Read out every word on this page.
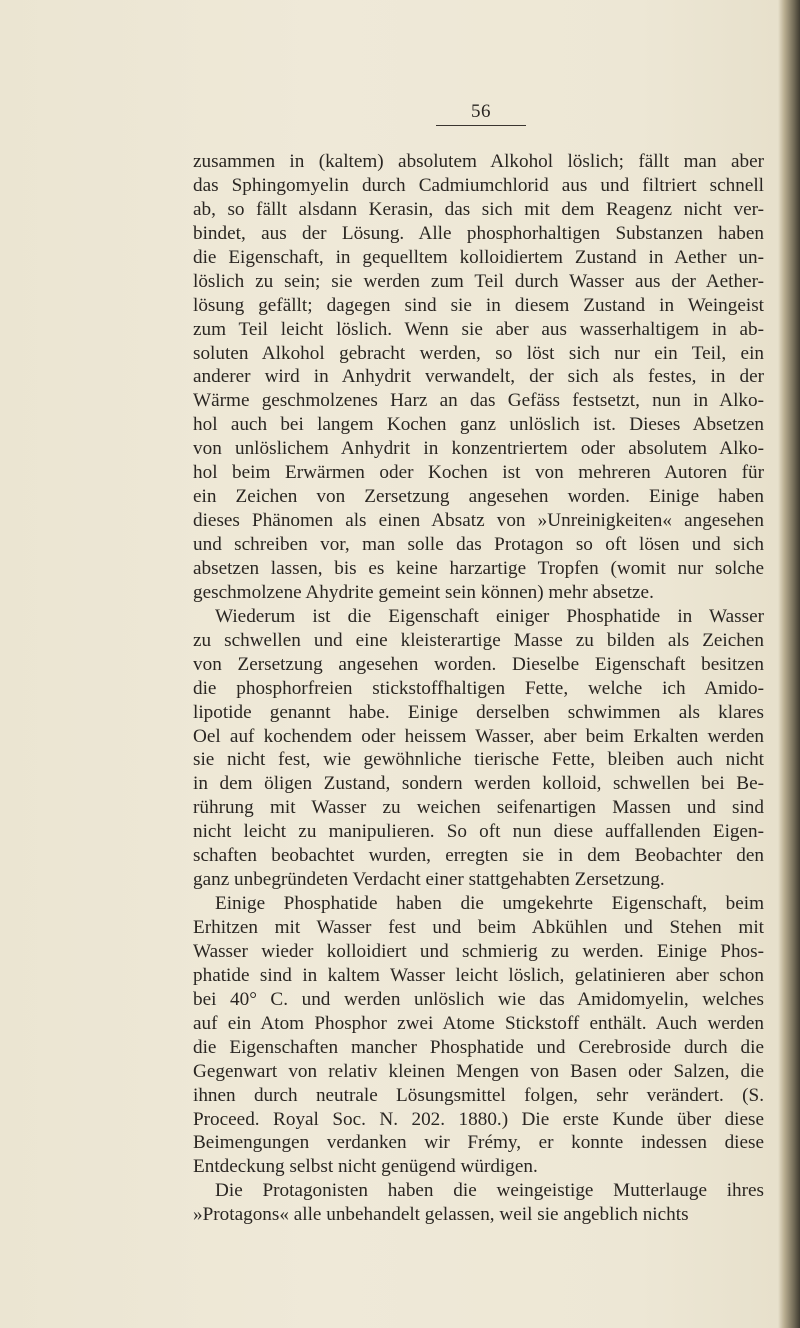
56
zusammen in (kaltem) absolutem Alkohol löslich; fällt man aber
das Sphingomyelin durch Cadmiumchlorid aus und filtriert schnell
ab, so fällt alsdann Kerasin, das sich mit dem Reagenz nicht ver-
bindet, aus der Lösung. Alle phosphorhaltigen Substanzen haben
die Eigenschaft, in gequelltem kolloidiertem Zustand in Aether un-
löslich zu sein; sie werden zum Teil durch Wasser aus der Aether-
lösung gefällt; dagegen sind sie in diesem Zustand in Weingeist
zum Teil leicht löslich. Wenn sie aber aus wasserhaltigem in ab-
soluten Alkohol gebracht werden, so löst sich nur ein Teil, ein
anderer wird in Anhydrit verwandelt, der sich als festes, in der
Wärme geschmolzenes Harz an das Gefäss festsetzt, nun in Alko-
hol auch bei langem Kochen ganz unlöslich ist. Dieses Absetzen
von unlöslichem Anhydrit in konzentriertem oder absolutem Alko-
hol beim Erwärmen oder Kochen ist von mehreren Autoren für
ein Zeichen von Zersetzung angesehen worden. Einige haben
dieses Phänomen als einen Absatz von »Unreinigkeiten« angesehen
und schreiben vor, man solle das Protagon so oft lösen und sich
absetzen lassen, bis es keine harzartige Tropfen (womit nur solche
geschmolzene Ahydrite gemeint sein können) mehr absetze.
Wiederum ist die Eigenschaft einiger Phosphatide in Wasser
zu schwellen und eine kleisterartige Masse zu bilden als Zeichen
von Zersetzung angesehen worden. Dieselbe Eigenschaft besitzen
die phosphorfreien stickstoffhaltigen Fette, welche ich Amido-
lipotide genannt habe. Einige derselben schwimmen als klares
Oel auf kochendem oder heissem Wasser, aber beim Erkalten werden
sie nicht fest, wie gewöhnliche tierische Fette, bleiben auch nicht
in dem öligen Zustand, sondern werden kolloid, schwellen bei Be-
rührung mit Wasser zu weichen seifenartigen Massen und sind
nicht leicht zu manipulieren. So oft nun diese auffallenden Eigen-
schaften beobachtet wurden, erregten sie in dem Beobachter den
ganz unbegründeten Verdacht einer stattgehabten Zersetzung.
Einige Phosphatide haben die umgekehrte Eigenschaft, beim
Erhitzen mit Wasser fest und beim Abkühlen und Stehen mit
Wasser wieder kolloidiert und schmierig zu werden. Einige Phos-
phatide sind in kaltem Wasser leicht löslich, gelatinieren aber schon
bei 40° C. und werden unlöslich wie das Amidomyelin, welches
auf ein Atom Phosphor zwei Atome Stickstoff enthält. Auch werden
die Eigenschaften mancher Phosphatide und Cerebroside durch die
Gegenwart von relativ kleinen Mengen von Basen oder Salzen, die
ihnen durch neutrale Lösungsmittel folgen, sehr verändert. (S.
Proceed. Royal Soc. N. 202. 1880.) Die erste Kunde über diese
Beimengungen verdanken wir Frémy, er konnte indessen diese
Entdeckung selbst nicht genügend würdigen.
Die Protagonisten haben die weingeistige Mutterlauge ihres
»Protagons« alle unbehandelt gelassen, weil sie angeblich nichts
